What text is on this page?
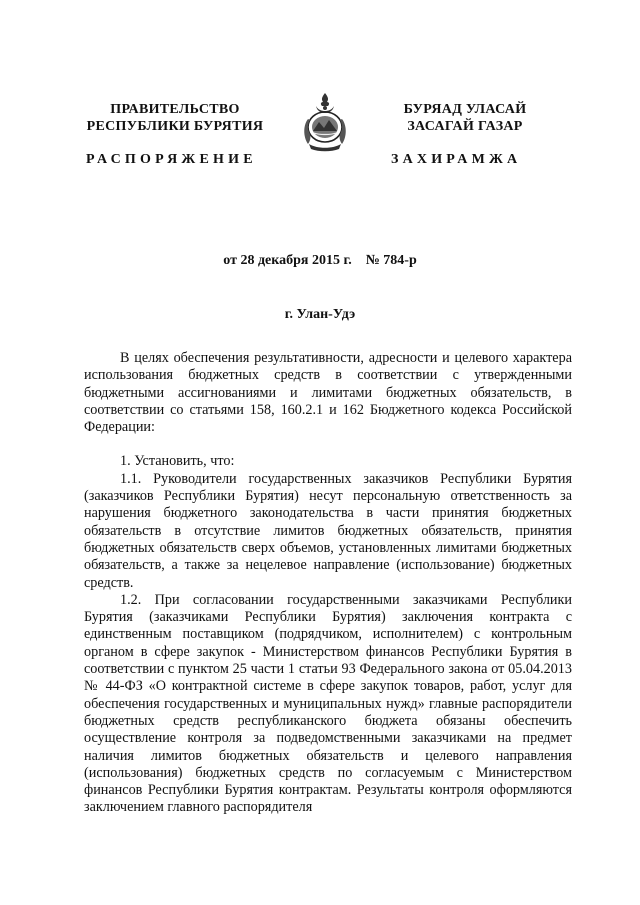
ПРАВИТЕЛЬСТВО
РЕСПУБЛИКИ БУРЯТИЯ
БУРЯАД УЛАСАЙ
ЗАСАГАЙ ГАЗАР
РАСПОРЯЖЕНИЕ	ЗАХИРАМЖА
от 28 декабря 2015 г.    № 784-р
г. Улан-Удэ

В целях обеспечения результативности, адресности и целевого характера использования бюджетных средств в соответствии с утвержденными бюджетными ассигнованиями и лимитами бюджетных обязательств, в соответствии со статьями 158, 160.2.1 и 162 Бюджетного кодекса Российской Федерации:

1. Установить, что:

1.1. Руководители государственных заказчиков Республики Бурятия (заказчиков Республики Бурятия) несут персональную ответственность за нарушения бюджетного законодательства в части принятия бюджетных обязательств в отсутствие лимитов бюджетных обязательств, принятия бюджетных обязательств сверх объемов, установленных лимитами бюджетных обязательств, а также за нецелевое направление (использование) бюджетных средств.

1.2. При согласовании государственными заказчиками Республики Бурятия (заказчиками Республики Бурятия) заключения контракта с единственным поставщиком (подрядчиком, исполнителем) с контрольным органом в сфере закупок - Министерством финансов Республики Бурятия в соответствии с пунктом 25 части 1 статьи 93 Федерального закона от 05.04.2013 № 44-ФЗ «О контрактной системе в сфере закупок товаров, работ, услуг для обеспечения государственных и муниципальных нужд» главные распорядители бюджетных средств республиканского бюджета обязаны обеспечить осуществление контроля за подведомственными заказчиками на предмет наличия лимитов бюджетных обязательств и целевого направления (использования) бюджетных средств по согласуемым с Министерством финансов Республики Бурятия контрактам. Результаты контроля оформляются заключением главного распорядителя
